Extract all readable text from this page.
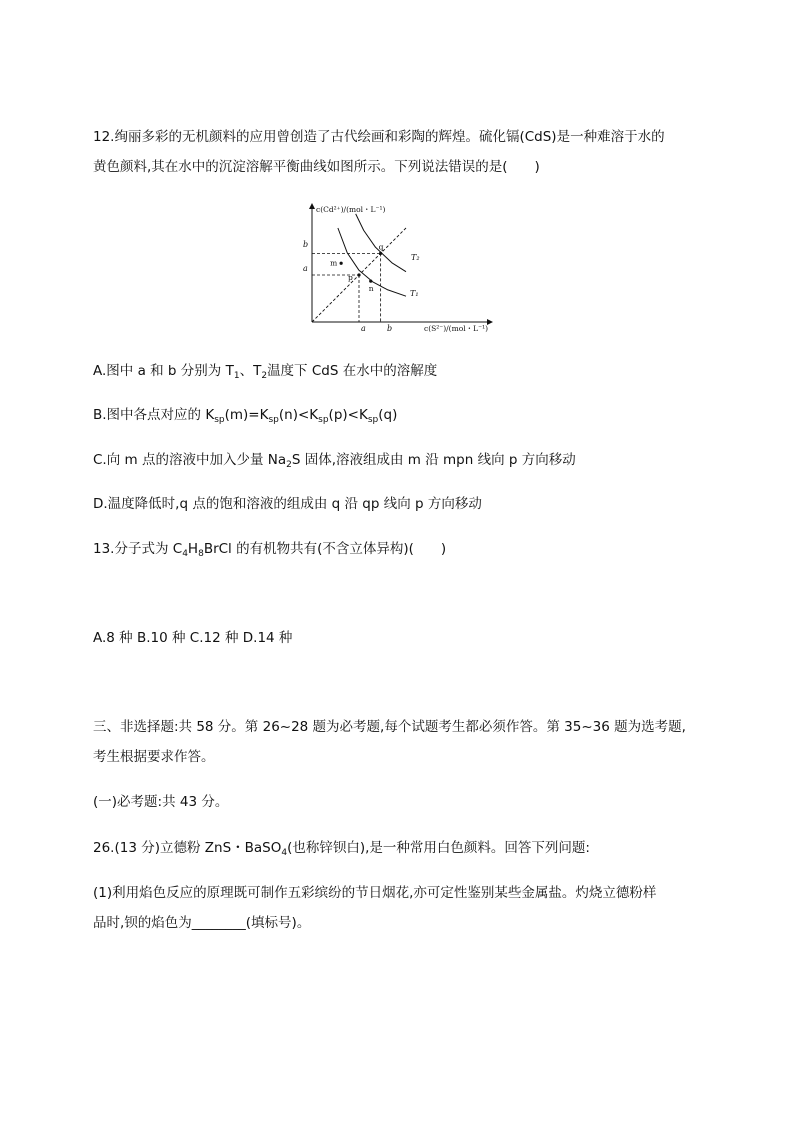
12.绚丽多彩的无机颜料的应用曾创造了古代绘画和彩陶的辉煌。硫化镉(CdS)是一种难溶于水的
黄色颜料,其在水中的沉淀溶解平衡曲线如图所示。下列说法错误的是(　　)
m
p
n
q
c(Cd²⁺)/(mol・L⁻¹)
c(S²⁻)/(mol・L⁻¹)
b
a
a	b
T₂
T₁
A.图中 a 和 b 分别为 $T_1$、$T_2$温度下 CdS 在水中的溶解度
B.图中各点对应的 $K_{sp}(m)=K_{sp}(n)<K_{sp}(p)<K_{sp}(q)$
C.向 m 点的溶液中加入少量 $Na_2S$ 固体,溶液组成由 m 沿 mpn 线向 p 方向移动
D.温度降低时,q 点的饱和溶液的组成由 q 沿 qp 线向 p 方向移动
13.分子式为 $C_4H_8BrCl$ 的有机物共有(不含立体异构)(　　)
A.8 种 B.10 种 C.12 种 D.14 种
三、非选择题:共 58 分。第 26~28 题为必考题,每个试题考生都必须作答。第 35~36 题为选考题,
考生根据要求作答。
(一)必考题:共 43 分。
26.(13 分)立德粉 ZnS・BaSO$_4$(也称锌钡白),是一种常用白色颜料。回答下列问题:
(1)利用焰色反应的原理既可制作五彩缤纷的节日烟花,亦可定性鉴别某些金属盐。灼烧立德粉样
品时,钡的焰色为________(填标号)。
